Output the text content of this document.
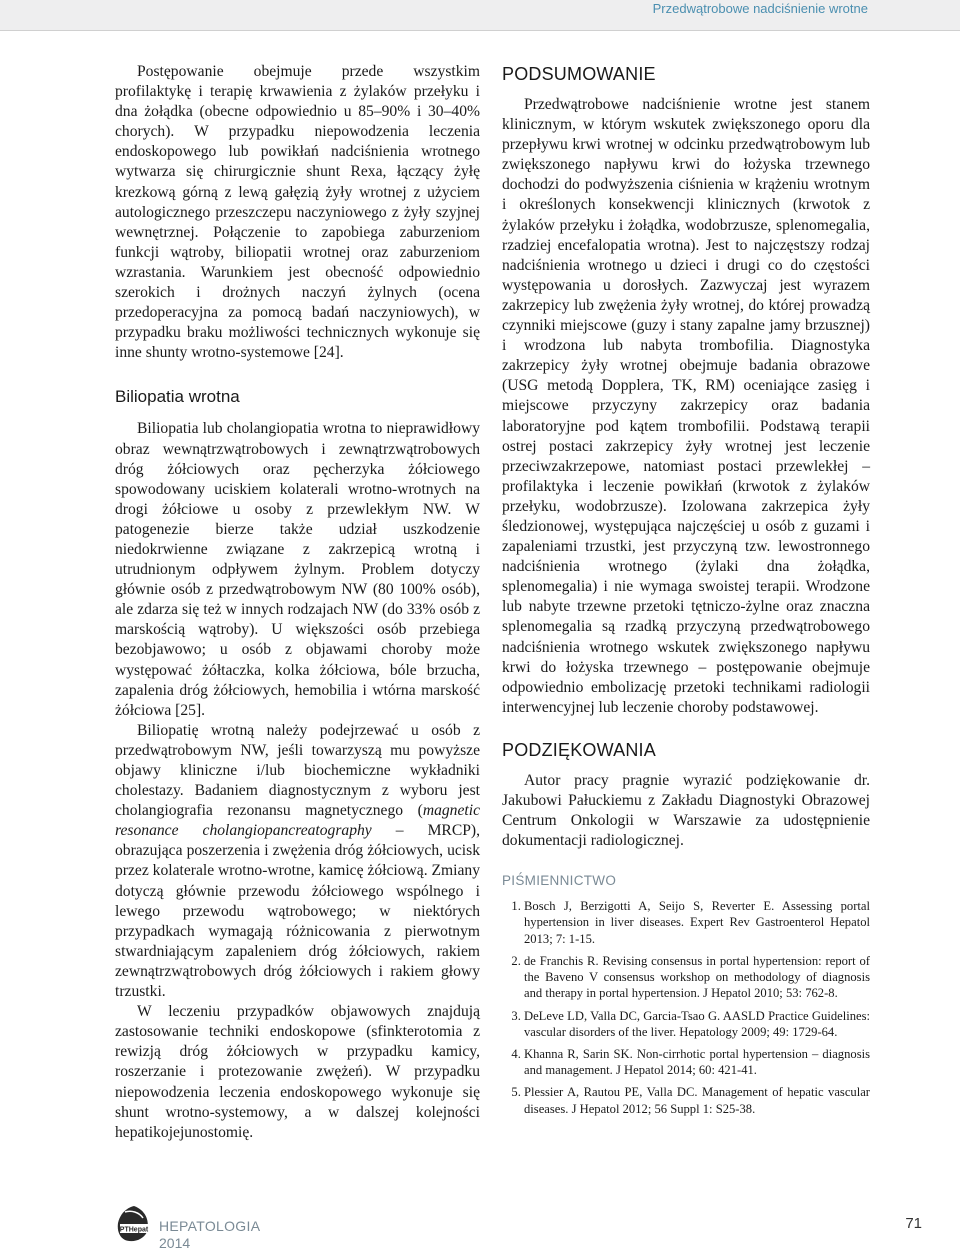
Przedwątrobowe nadciśnienie wrotne

Postępowanie obejmuje przede wszystkim profilaktykę i terapię krwawienia z żylaków przełyku i dna żołądka (obecne odpowiednio u 85–90% i 30–40% chorych). W przypadku niepowodzenia leczenia endoskopowego lub powikłań nadciśnienia wrotnego wytwarza się chirurgicznie shunt Rexa, łączący żyłę krezkową górną z lewą gałęzią żyły wrotnej z użyciem autologicznego przeszczepu naczyniowego z żyły szyjnej wewnętrznej. Połączenie to zapobiega zaburzeniom funkcji wątroby, biliopatii wrotnej oraz zaburzeniom wzrastania. Warunkiem jest obecność odpowiednio szerokich i drożnych naczyń żylnych (ocena przedoperacyjna za pomocą badań naczyniowych), w przypadku braku możliwości technicznych wykonuje się inne shunty wrotno-systemowe [24].

Biliopatia wrotna

Biliopatia lub cholangiopatia wrotna to nieprawidłowy obraz wewnątrzwątrobowych i zewnątrzwątrobowych dróg żółciowych oraz pęcherzyka żółciowego spowodowany uciskiem kolaterali wrotno-wrotnych na drogi żółciowe u osoby z przewlekłym NW. W patogenezie bierze także udział uszkodzenie niedokrwienne związane z zakrzepicą wrotną i utrudnionym odpływem żylnym. Problem dotyczy głównie osób z przedwątrobowym NW (80 100% osób), ale zdarza się też w innych rodzajach NW (do 33% osób z marskością wątroby). U większości osób przebiega bezobjawowo; u osób z objawami choroby może występować żółtaczka, kolka żółciowa, bóle brzucha, zapalenia dróg żółciowych, hemobilia i wtórna marskość żółciowa [25].

Biliopatię wrotną należy podejrzewać u osób z przedwątrobowym NW, jeśli towarzyszą mu powyższe objawy kliniczne i/lub biochemiczne wykładniki cholestazy. Badaniem diagnostycznym z wyboru jest cholangiografia rezonansu magnetycznego (magnetic resonance cholangiopancreatography – MRCP), obrazująca poszerzenia i zwężenia dróg żółciowych, ucisk przez kolaterale wrotno-wrotne, kamicę żółciową. Zmiany dotyczą głównie przewodu żółciowego wspólnego i lewego przewodu wątrobowego; w niektórych przypadkach wymagają różnicowania z pierwotnym stwardniającym zapaleniem dróg żółciowych, rakiem zewnątrzwątrobowych dróg żółciowych i rakiem głowy trzustki.

W leczeniu przypadków objawowych znajdują zastosowanie techniki endoskopowe (sfinkterotomia z rewizją dróg żółciowych w przypadku kamicy, roszerzanie i protezowanie zwężeń). W przypadku niepowodzenia leczenia endoskopowego wykonuje się shunt wrotno-systemowy, a w dalszej kolejności hepatikojejunostomię.

PODSUMOWANIE

Przedwątrobowe nadciśnienie wrotne jest stanem klinicznym, w którym wskutek zwiększonego oporu dla przepływu krwi wrotnej w odcinku przedwątrobowym lub zwiększonego napływu krwi do łożyska trzewnego dochodzi do podwyższenia ciśnienia w krążeniu wrotnym i określonych konsekwencji klinicznych (krwotok z żylaków przełyku i żołądka, wodobrzusze, splenomegalia, rzadziej encefalopatia wrotna). Jest to najczęstszy rodzaj nadciśnienia wrotnego u dzieci i drugi co do częstości występowania u dorosłych. Zazwyczaj jest wyrazem zakrzepicy lub zwężenia żyły wrotnej, do której prowadzą czynniki miejscowe (guzy i stany zapalne jamy brzusznej) i wrodzona lub nabyta trombofilia. Diagnostyka zakrzepicy żyły wrotnej obejmuje badania obrazowe (USG metodą Dopplera, TK, RM) oceniające zasięg i miejscowe przyczyny zakrzepicy oraz badania laboratoryjne pod kątem trombofilii. Podstawą terapii ostrej postaci zakrzepicy żyły wrotnej jest leczenie przeciwzakrzepowe, natomiast postaci przewlekłej – profilaktyka i leczenie powikłań (krwotok z żylaków przełyku, wodobrzusze). Izolowana zakrzepica żyły śledzionowej, występująca najczęściej u osób z guzami i zapaleniami trzustki, jest przyczyną tzw. lewostronnego nadciśnienia wrotnego (żylaki dna żołądka, splenomegalia) i nie wymaga swoistej terapii. Wrodzone lub nabyte trzewne przetoki tętniczo-żylne oraz znaczna splenomegalia są rzadką przyczyną przedwątrobowego nadciśnienia wrotnego wskutek zwiększonego napływu krwi do łożyska trzewnego – postępowanie obejmuje odpowiednio embolizację przetoki technikami radiologii interwencyjnej lub leczenie choroby podstawowej.

PODZIĘKOWANIA

Autor pracy pragnie wyrazić podziękowanie dr. Jakubowi Pałuckiemu z Zakładu Diagnostyki Obrazowej Centrum Onkologii w Warszawie za udostępnienie dokumentacji radiologicznej.

PIŚMIENNICTWO
1. Bosch J, Berzigotti A, Seijo S, Reverter E. Assessing portal hypertension in liver diseases. Expert Rev Gastroenterol Hepatol 2013; 7: 1-15.
2. de Franchis R. Revising consensus in portal hypertension: report of the Baveno V consensus workshop on methodology of diagnosis and therapy in portal hypertension. J Hepatol 2010; 53: 762-8.
3. DeLeve LD, Valla DC, Garcia-Tsao G. AASLD Practice Guidelines: vascular disorders of the liver. Hepatology 2009; 49: 1729-64.
4. Khanna R, Sarin SK. Non-cirrhotic portal hypertension – diagnosis and management. J Hepatol 2014; 60: 421-41.
5. Plessier A, Rautou PE, Valla DC. Management of hepatic vascular diseases. J Hepatol 2012; 56 Suppl 1: S25-38.
PTHepat HEPATOLOGIA
2014
71
